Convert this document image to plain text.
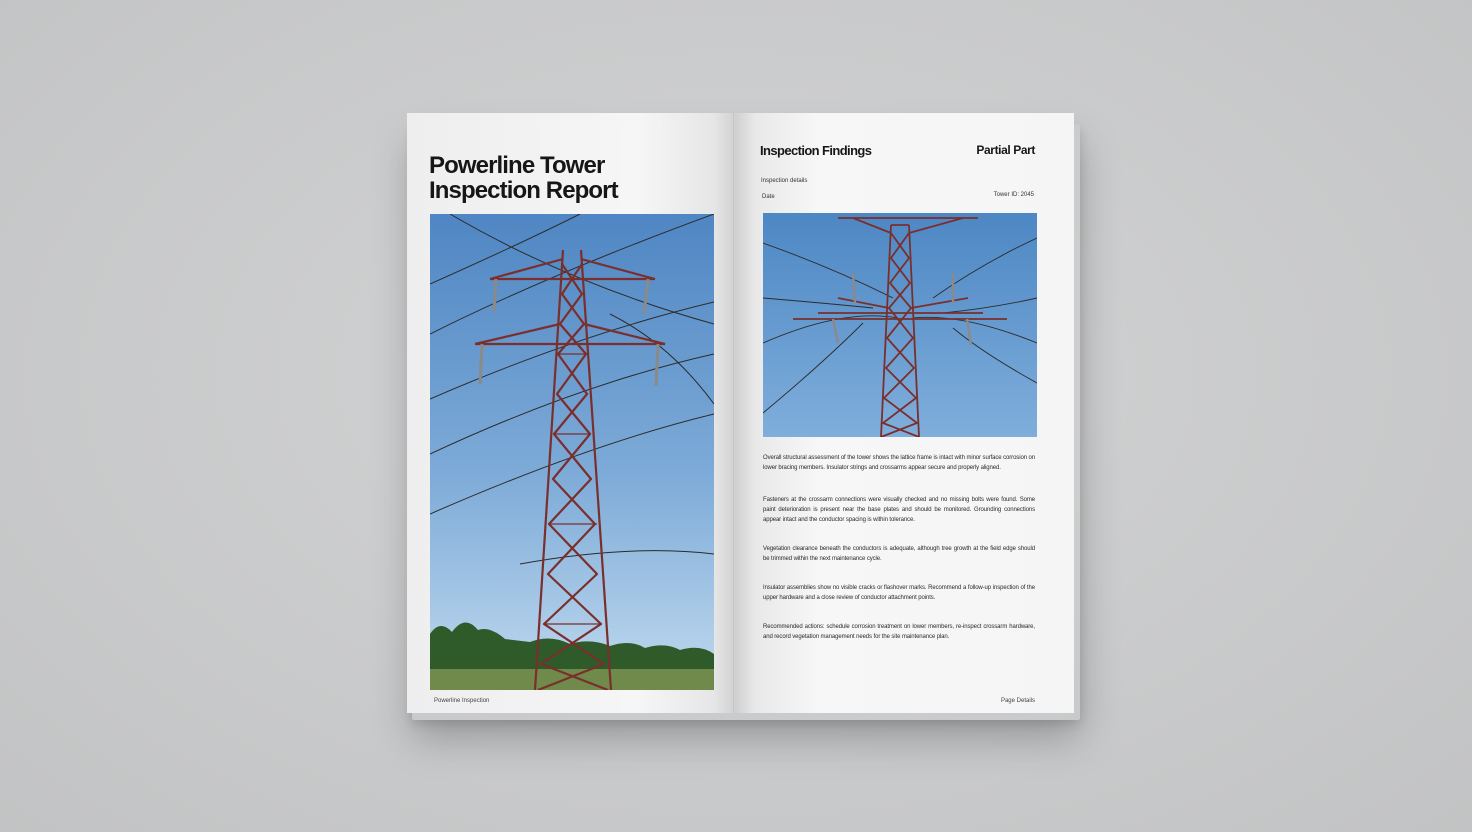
Powerline Tower
Inspection Report
Powerline Inspection
Inspection Findings	Partial Part
Inspection details
Date	Tower ID: 2045

Overall structural assessment of the tower shows the lattice frame is intact with minor surface corrosion on lower bracing members. Insulator strings and crossarms appear secure and properly aligned.

Fasteners at the crossarm connections were visually checked and no missing bolts were found. Some paint deterioration is present near the base plates and should be monitored. Grounding connections appear intact and the conductor spacing is within tolerance.

Vegetation clearance beneath the conductors is adequate, although tree growth at the field edge should be trimmed within the next maintenance cycle.

Insulator assemblies show no visible cracks or flashover marks. Recommend a follow-up inspection of the upper hardware and a close review of conductor attachment points.

Recommended actions: schedule corrosion treatment on lower members, re-inspect crossarm hardware, and record vegetation management needs for the site maintenance plan.

Page Details
